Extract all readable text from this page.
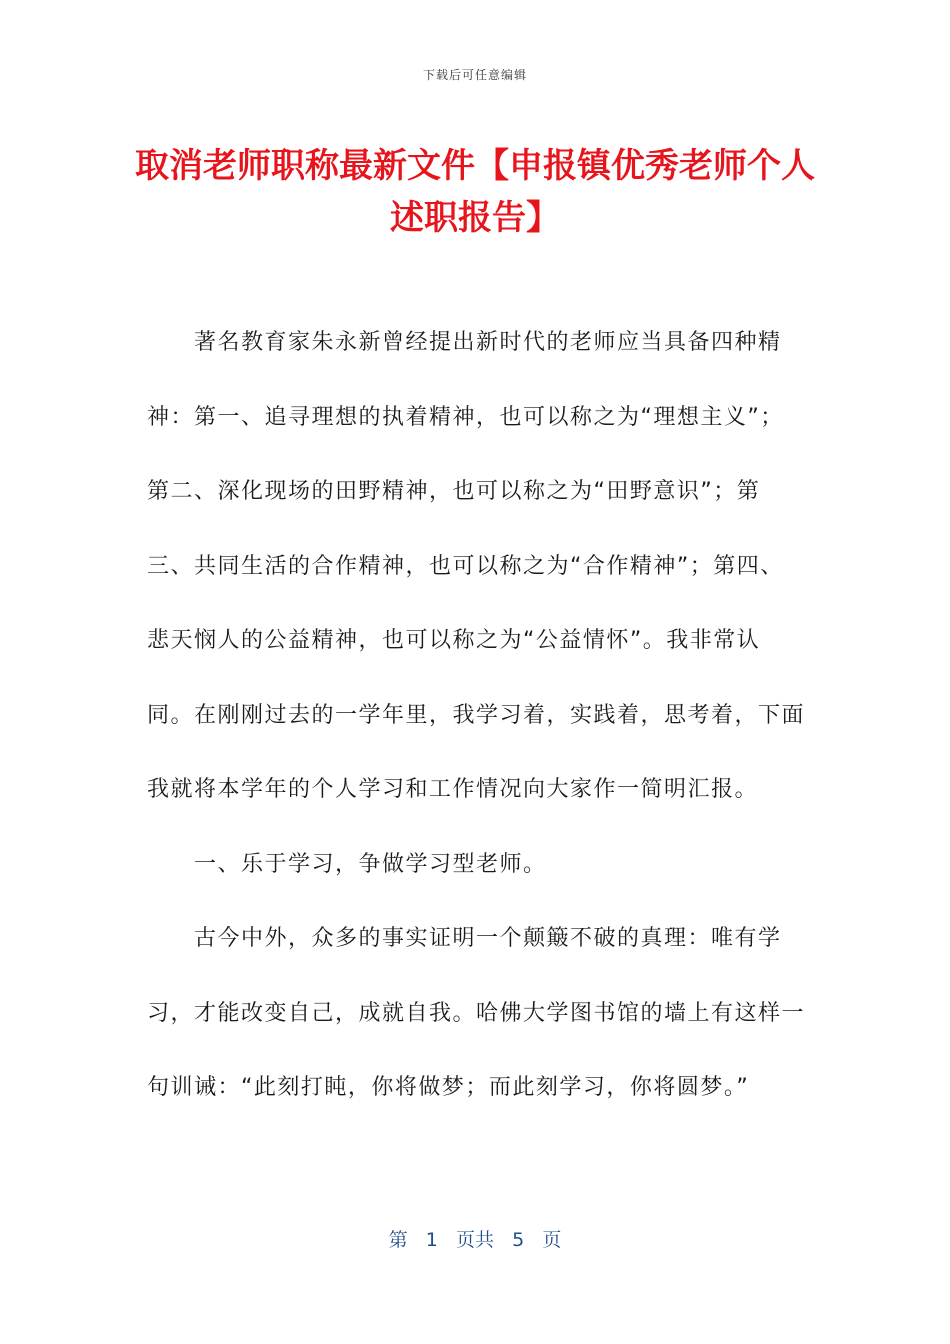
下载后可任意编辑
取消老师职称最新文件【申报镇优秀老师个人述职报告】

著名教育家朱永新曾经提出新时代的老师应当具备四种精神：第一、追寻理想的执着精神，也可以称之为“理想主义”；第二、深化现场的田野精神，也可以称之为“田野意识”；第三、共同生活的合作精神，也可以称之为“合作精神”；第四、悲天悯人的公益精神，也可以称之为“公益情怀”。我非常认同。在刚刚过去的一学年里，我学习着，实践着，思考着，下面我就将本学年的个人学习和工作情况向大家作一简明汇报。

一、乐于学习，争做学习型老师。

古今中外，众多的事实证明一个颠簸不破的真理：唯有学习，才能改变自己，成就自我。哈佛大学图书馆的墙上有这样一句训诫：“此刻打盹，你将做梦；而此刻学习，你将圆梦。”

第 1 页共 5 页
